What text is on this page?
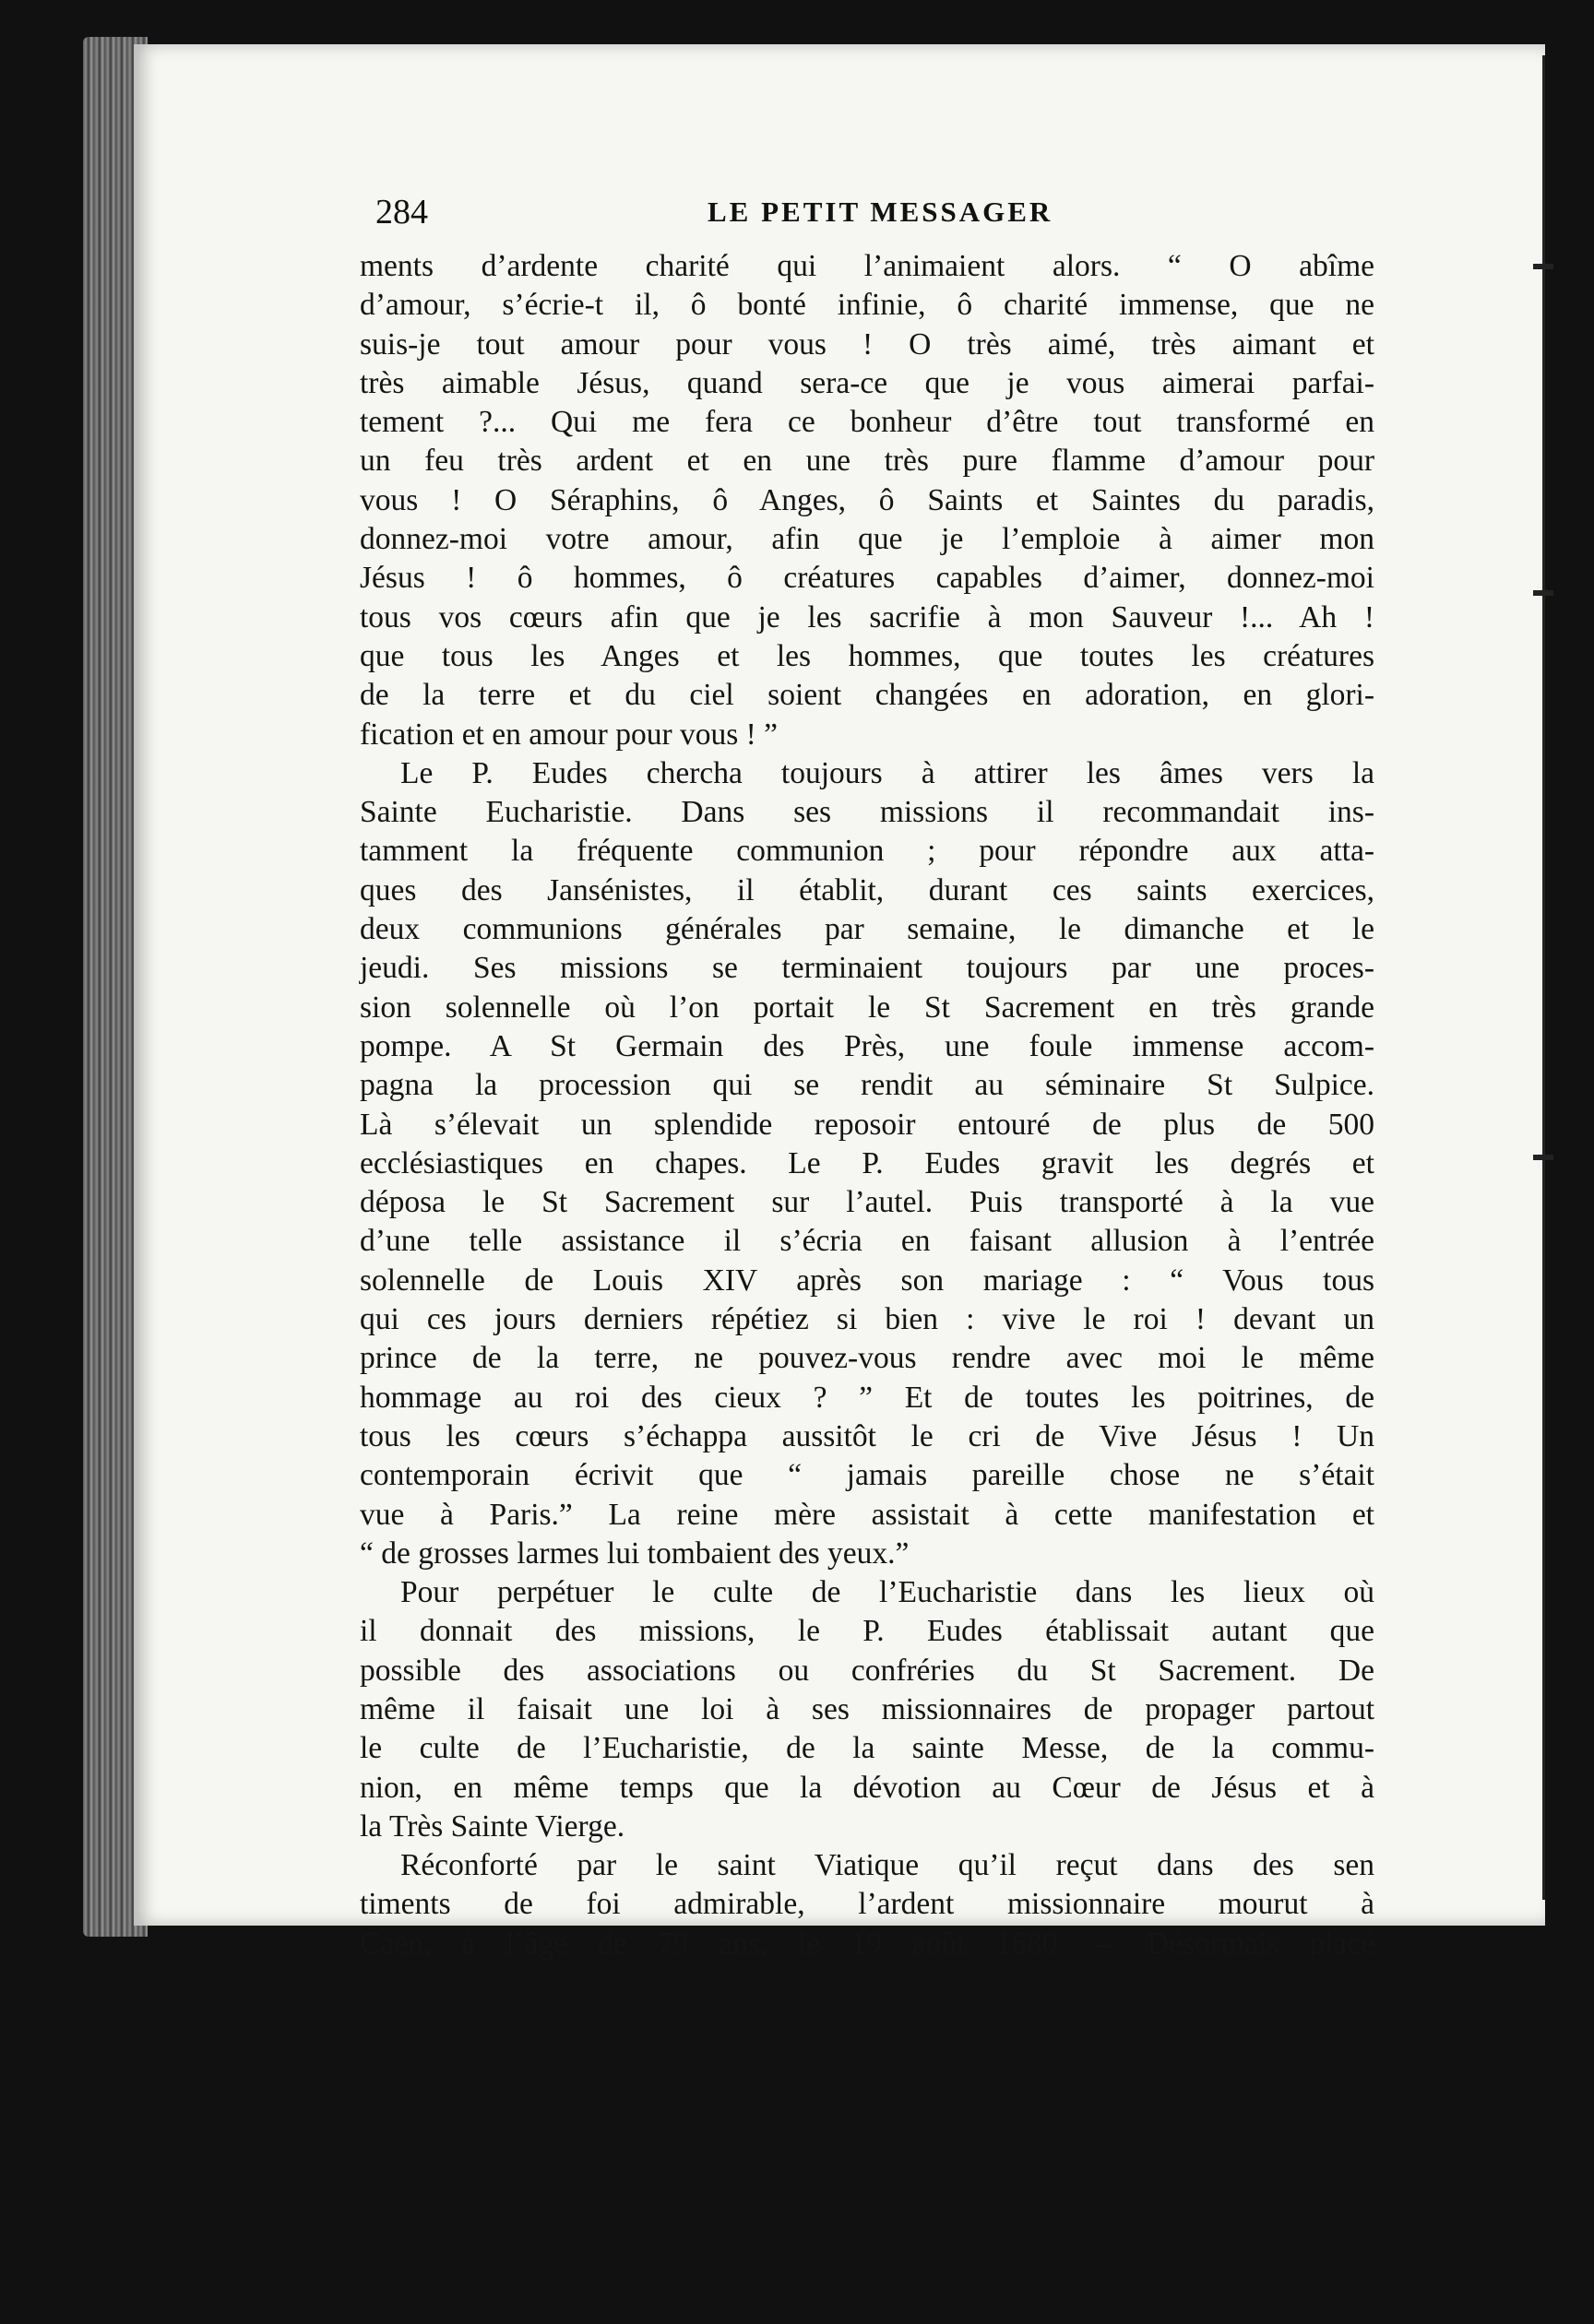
284	LE PETIT MESSAGER
ments d’ardente charité qui l’animaient alors. “ O abîme
d’amour, s’écrie-t il, ô bonté infinie, ô charité immense, que ne
suis-je tout amour pour vous ! O très aimé, très aimant et
très aimable Jésus, quand sera-ce que je vous aimerai parfai-
tement ?... Qui me fera ce bonheur d’être tout transformé en
un feu très ardent et en une très pure flamme d’amour pour
vous ! O Séraphins, ô Anges, ô Saints et Saintes du paradis,
donnez-moi votre amour, afin que je l’emploie à aimer mon
Jésus ! ô hommes, ô créatures capables d’aimer, donnez-moi
tous vos cœurs afin que je les sacrifie à mon Sauveur !... Ah !
que tous les Anges et les hommes, que toutes les créatures
de la terre et du ciel soient changées en adoration, en glori-
fication et en amour pour vous ! ”
Le P. Eudes chercha toujours à attirer les âmes vers la
Sainte Eucharistie. Dans ses missions il recommandait ins-
tamment la fréquente communion ; pour répondre aux atta-
ques des Jansénistes, il établit, durant ces saints exercices,
deux communions générales par semaine, le dimanche et le
jeudi. Ses missions se terminaient toujours par une proces-
sion solennelle où l’on portait le St Sacrement en très grande
pompe. A St Germain des Près, une foule immense accom-
pagna la procession qui se rendit au séminaire St Sulpice.
Là s’élevait un splendide reposoir entouré de plus de 500
ecclésiastiques en chapes. Le P. Eudes gravit les degrés et
déposa le St Sacrement sur l’autel. Puis transporté à la vue
d’une telle assistance il s’écria en faisant allusion à l’entrée
solennelle de Louis XIV après son mariage : “ Vous tous
qui ces jours derniers répétiez si bien : vive le roi ! devant un
prince de la terre, ne pouvez-vous rendre avec moi le même
hommage au roi des cieux ? ” Et de toutes les poitrines, de
tous les cœurs s’échappa aussitôt le cri de Vive Jésus ! Un
contemporain écrivit que “ jamais pareille chose ne s’était
vue à Paris.” La reine mère assistait à cette manifestation et
“ de grosses larmes lui tombaient des yeux.”
Pour perpétuer le culte de l’Eucharistie dans les lieux où
il donnait des missions, le P. Eudes établissait autant que
possible des associations ou confréries du St Sacrement. De
même il faisait une loi à ses missionnaires de propager partout
le culte de l’Eucharistie, de la sainte Messe, de la commu-
nion, en même temps que la dévotion au Cœur de Jésus et à
la Très Sainte Vierge.
Réconforté par le saint Viatique qu’il reçut dans des sen
timents de foi admirable, l’ardent missionnaire mourut à
Caen, à l’âge de 79 ans, le 19 août 1680. -- Désormais placé
